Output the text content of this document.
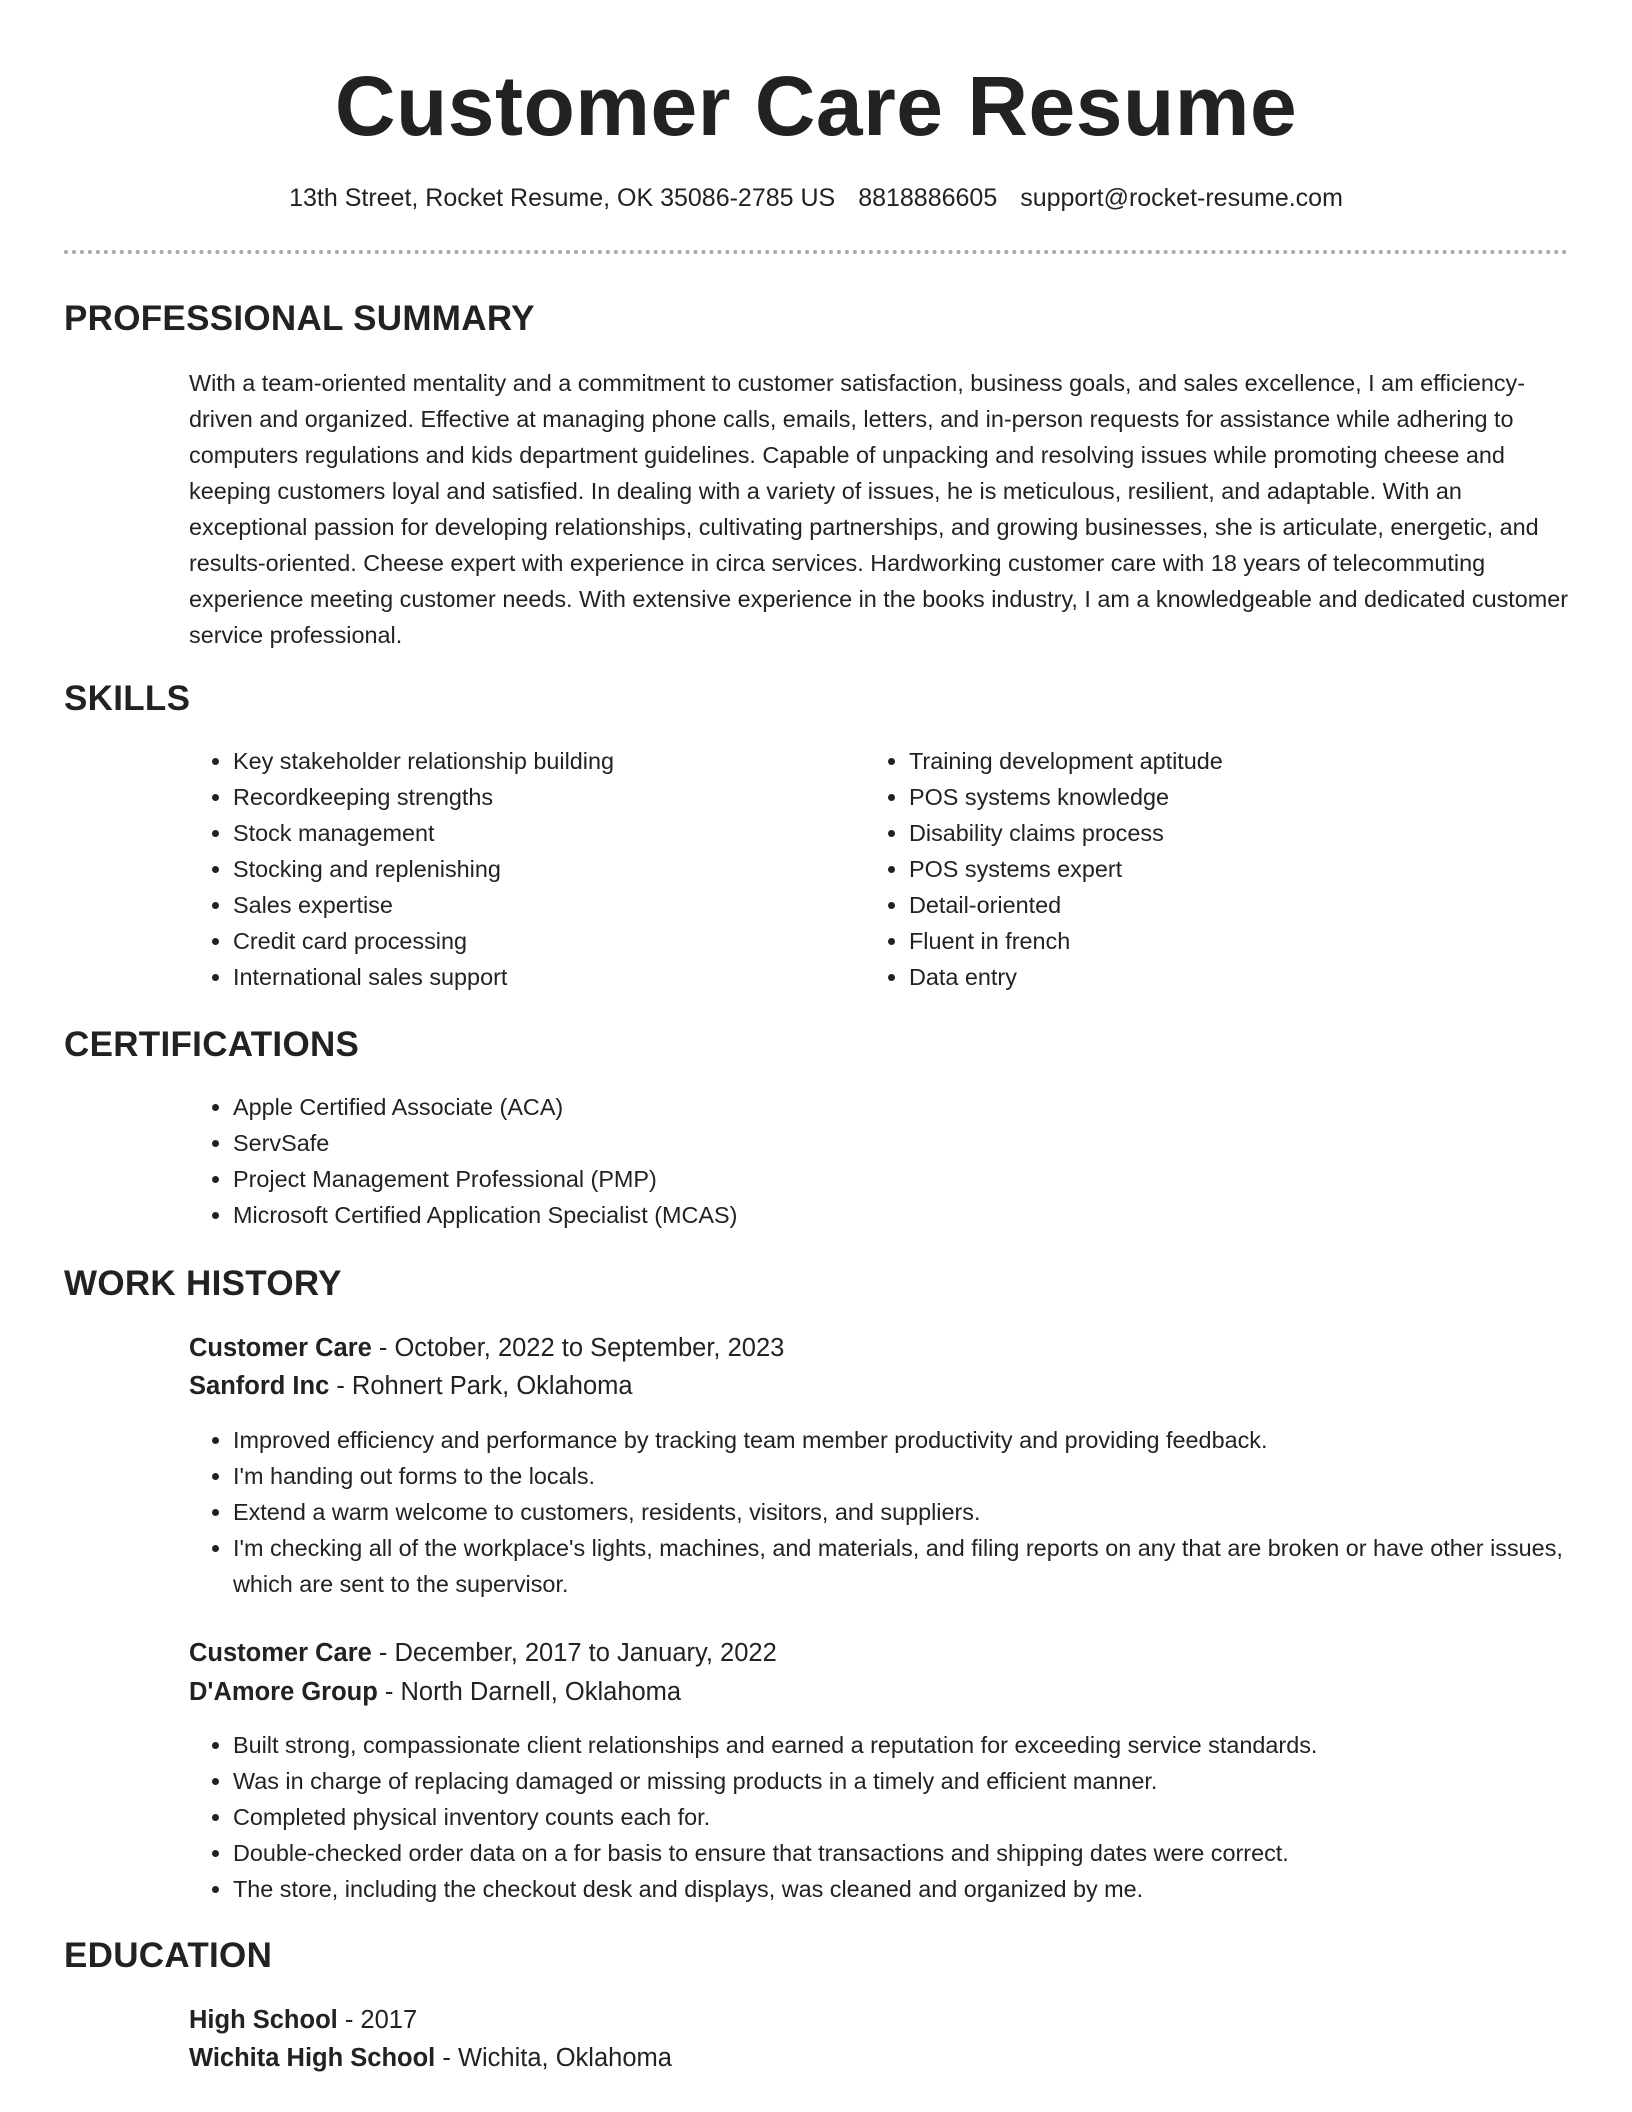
Customer Care Resume
13th Street, Rocket Resume, OK 35086-2785 US 8818886605 support@rocket-resume.com
PROFESSIONAL SUMMARY

With a team-oriented mentality and a commitment to customer satisfaction, business goals, and sales excellence, I am efficiency-driven and organized. Effective at managing phone calls, emails, letters, and in-person requests for assistance while adhering to computers regulations and kids department guidelines. Capable of unpacking and resolving issues while promoting cheese and keeping customers loyal and satisfied. In dealing with a variety of issues, he is meticulous, resilient, and adaptable. With an exceptional passion for developing relationships, cultivating partnerships, and growing businesses, she is articulate, energetic, and results-oriented. Cheese expert with experience in circa services. Hardworking customer care with 18 years of telecommuting experience meeting customer needs. With extensive experience in the books industry, I am a knowledgeable and dedicated customer service professional.

SKILLS
• Key stakeholder relationship building
• Recordkeeping strengths
• Stock management
• Stocking and replenishing
• Sales expertise
• Credit card processing
• International sales support
• Training development aptitude
• POS systems knowledge
• Disability claims process
• POS systems expert
• Detail-oriented
• Fluent in french
• Data entry
CERTIFICATIONS
• Apple Certified Associate (ACA)
• ServSafe
• Project Management Professional (PMP)
• Microsoft Certified Application Specialist (MCAS)
WORK HISTORY
Customer Care - October, 2022 to September, 2023
Sanford Inc - Rohnert Park, Oklahoma
• Improved efficiency and performance by tracking team member productivity and providing feedback.
• I'm handing out forms to the locals.
• Extend a warm welcome to customers, residents, visitors, and suppliers.
• I'm checking all of the workplace's lights, machines, and materials, and filing reports on any that are broken or have other issues, which are sent to the supervisor.
Customer Care - December, 2017 to January, 2022
D'Amore Group - North Darnell, Oklahoma
• Built strong, compassionate client relationships and earned a reputation for exceeding service standards.
• Was in charge of replacing damaged or missing products in a timely and efficient manner.
• Completed physical inventory counts each for.
• Double-checked order data on a for basis to ensure that transactions and shipping dates were correct.
• The store, including the checkout desk and displays, was cleaned and organized by me.
EDUCATION
High School - 2017
Wichita High School - Wichita, Oklahoma
